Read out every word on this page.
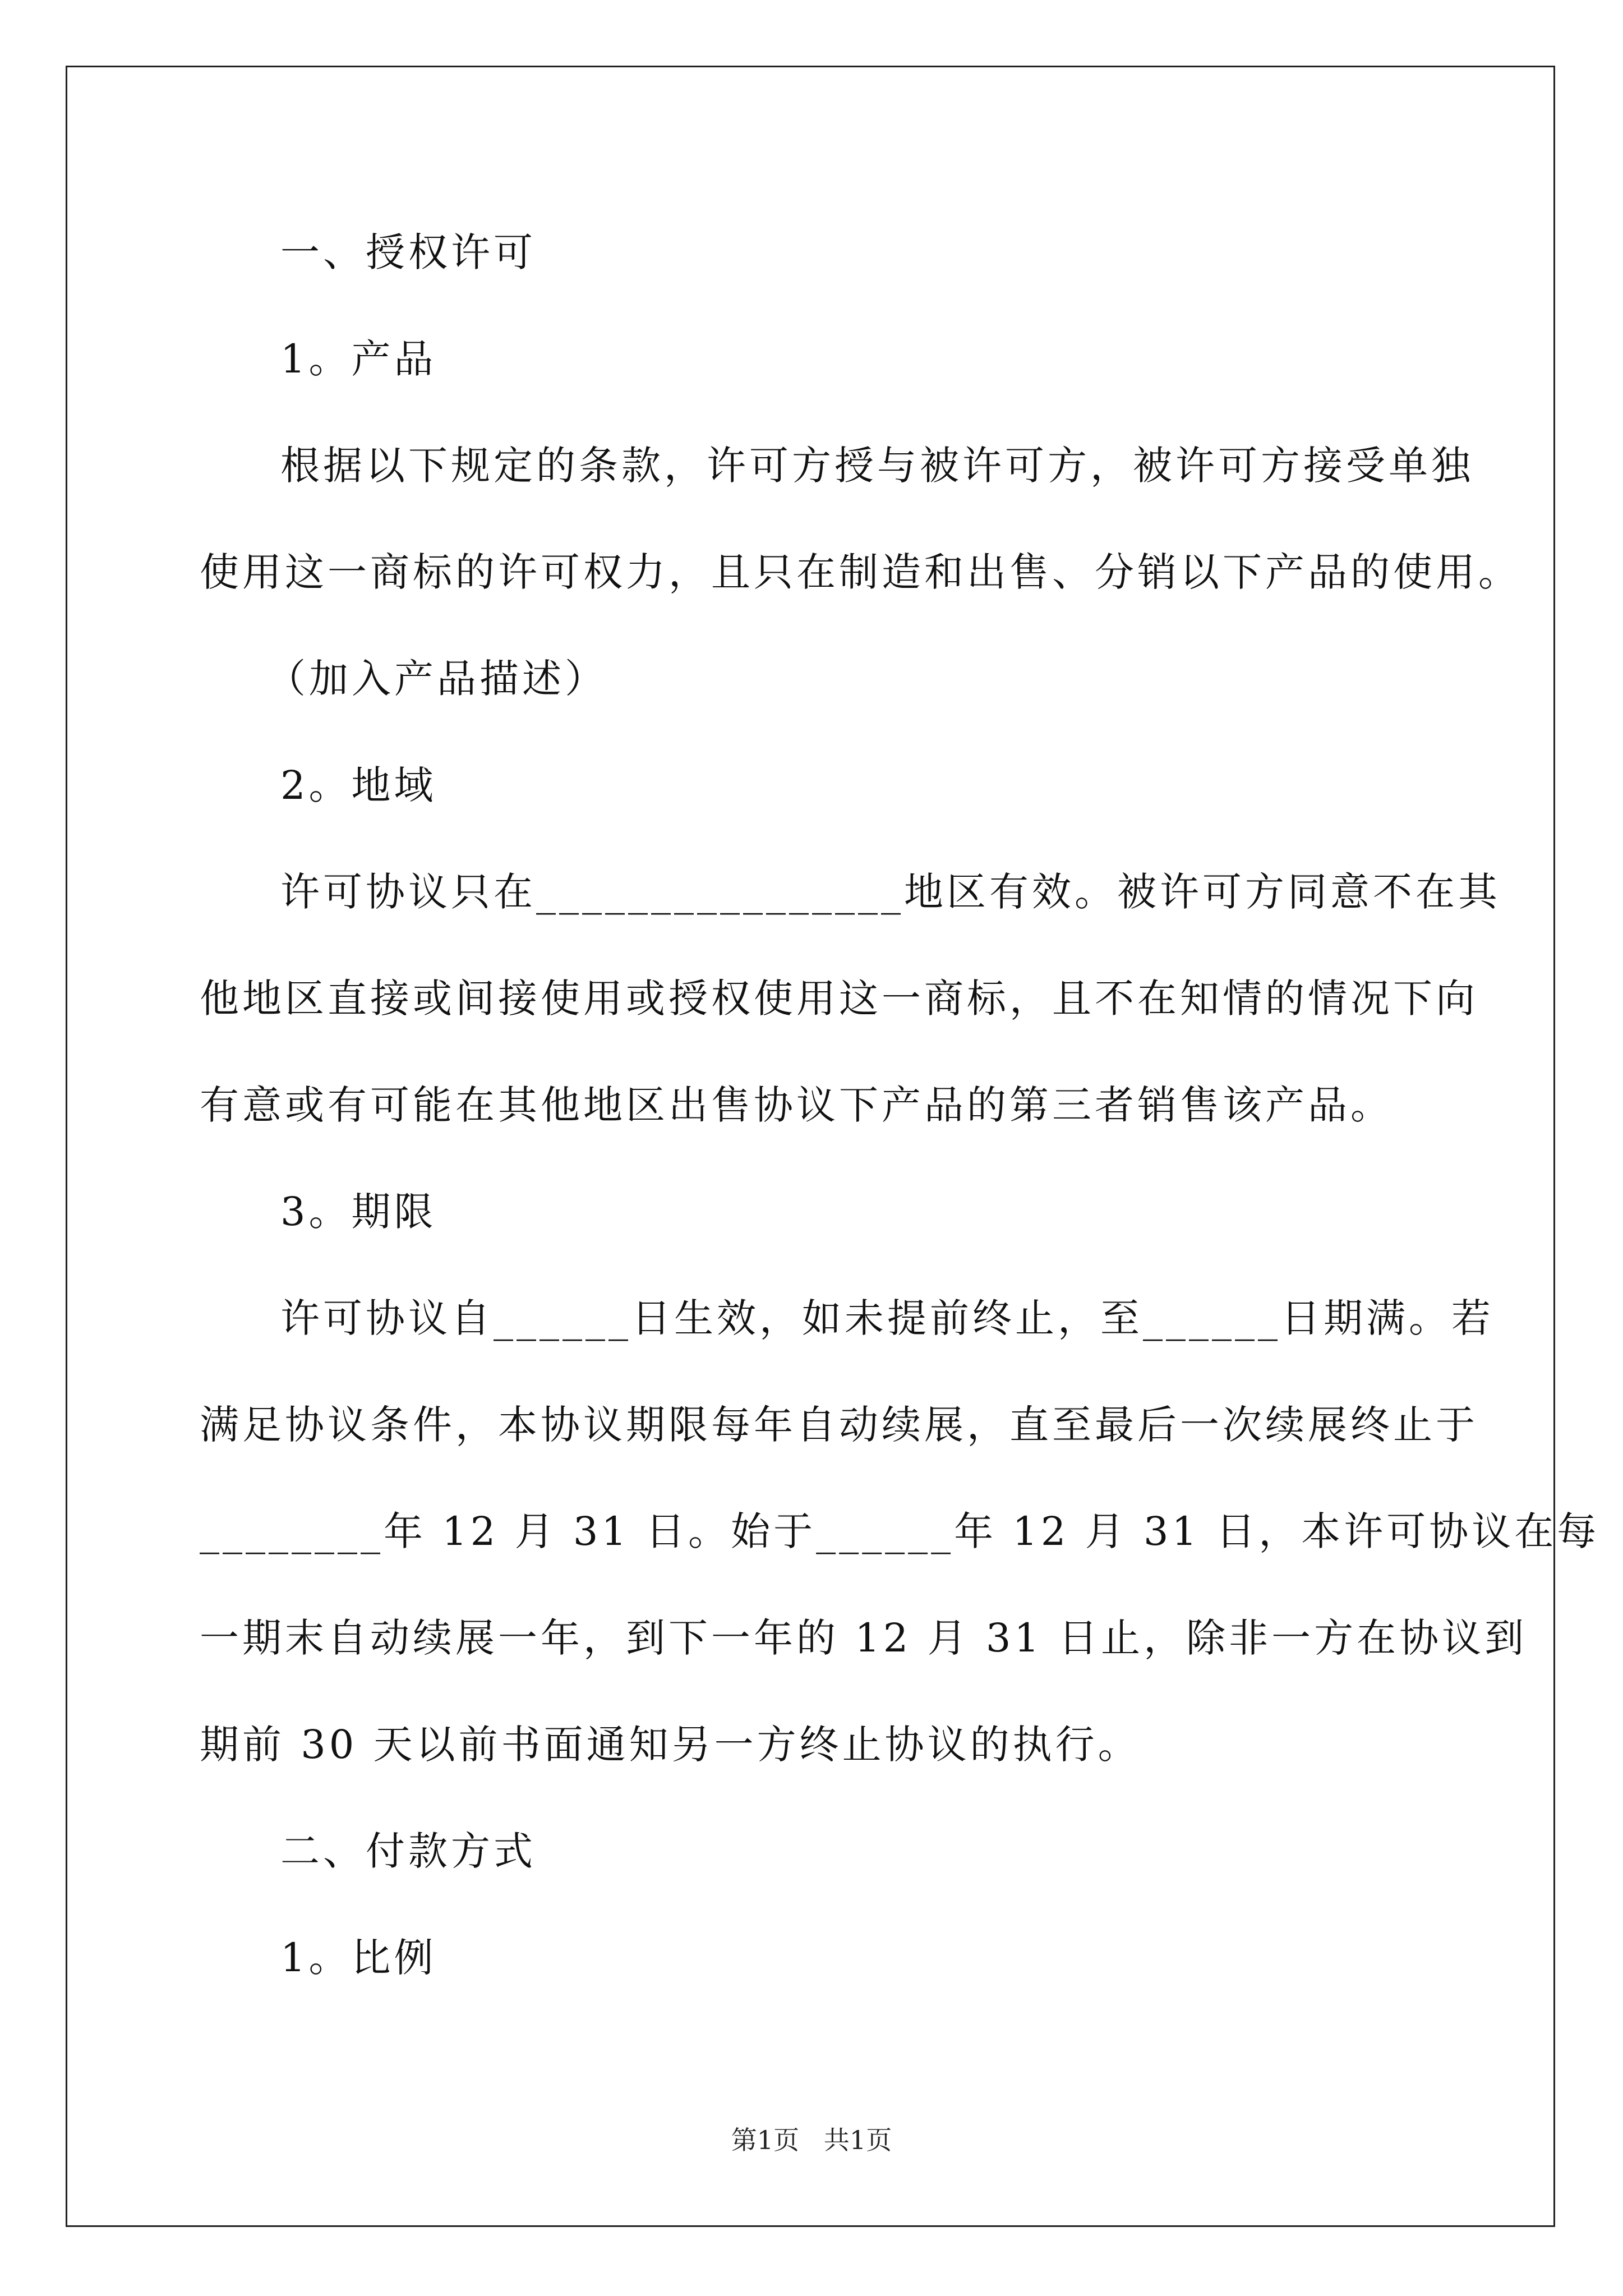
一、授权许可
1。产品
根据以下规定的条款，许可方授与被许可方，被许可方接受单独
使用这一商标的许可权力，且只在制造和出售、分销以下产品的使用。
（加入产品描述）
2。地域
许可协议只在________________地区有效。被许可方同意不在其
他地区直接或间接使用或授权使用这一商标，且不在知情的情况下向
有意或有可能在其他地区出售协议下产品的第三者销售该产品。
3。期限
许可协议自______日生效，如未提前终止，至______日期满。若
满足协议条件，本协议期限每年自动续展，直至最后一次续展终止于
________年 12 月 31 日。始于______年 12 月 31 日，本许可协议在每
一期末自动续展一年，到下一年的 12 月 31 日止，除非一方在协议到
期前 30 天以前书面通知另一方终止协议的执行。
二、付款方式
1。比例
第1页   共1页
